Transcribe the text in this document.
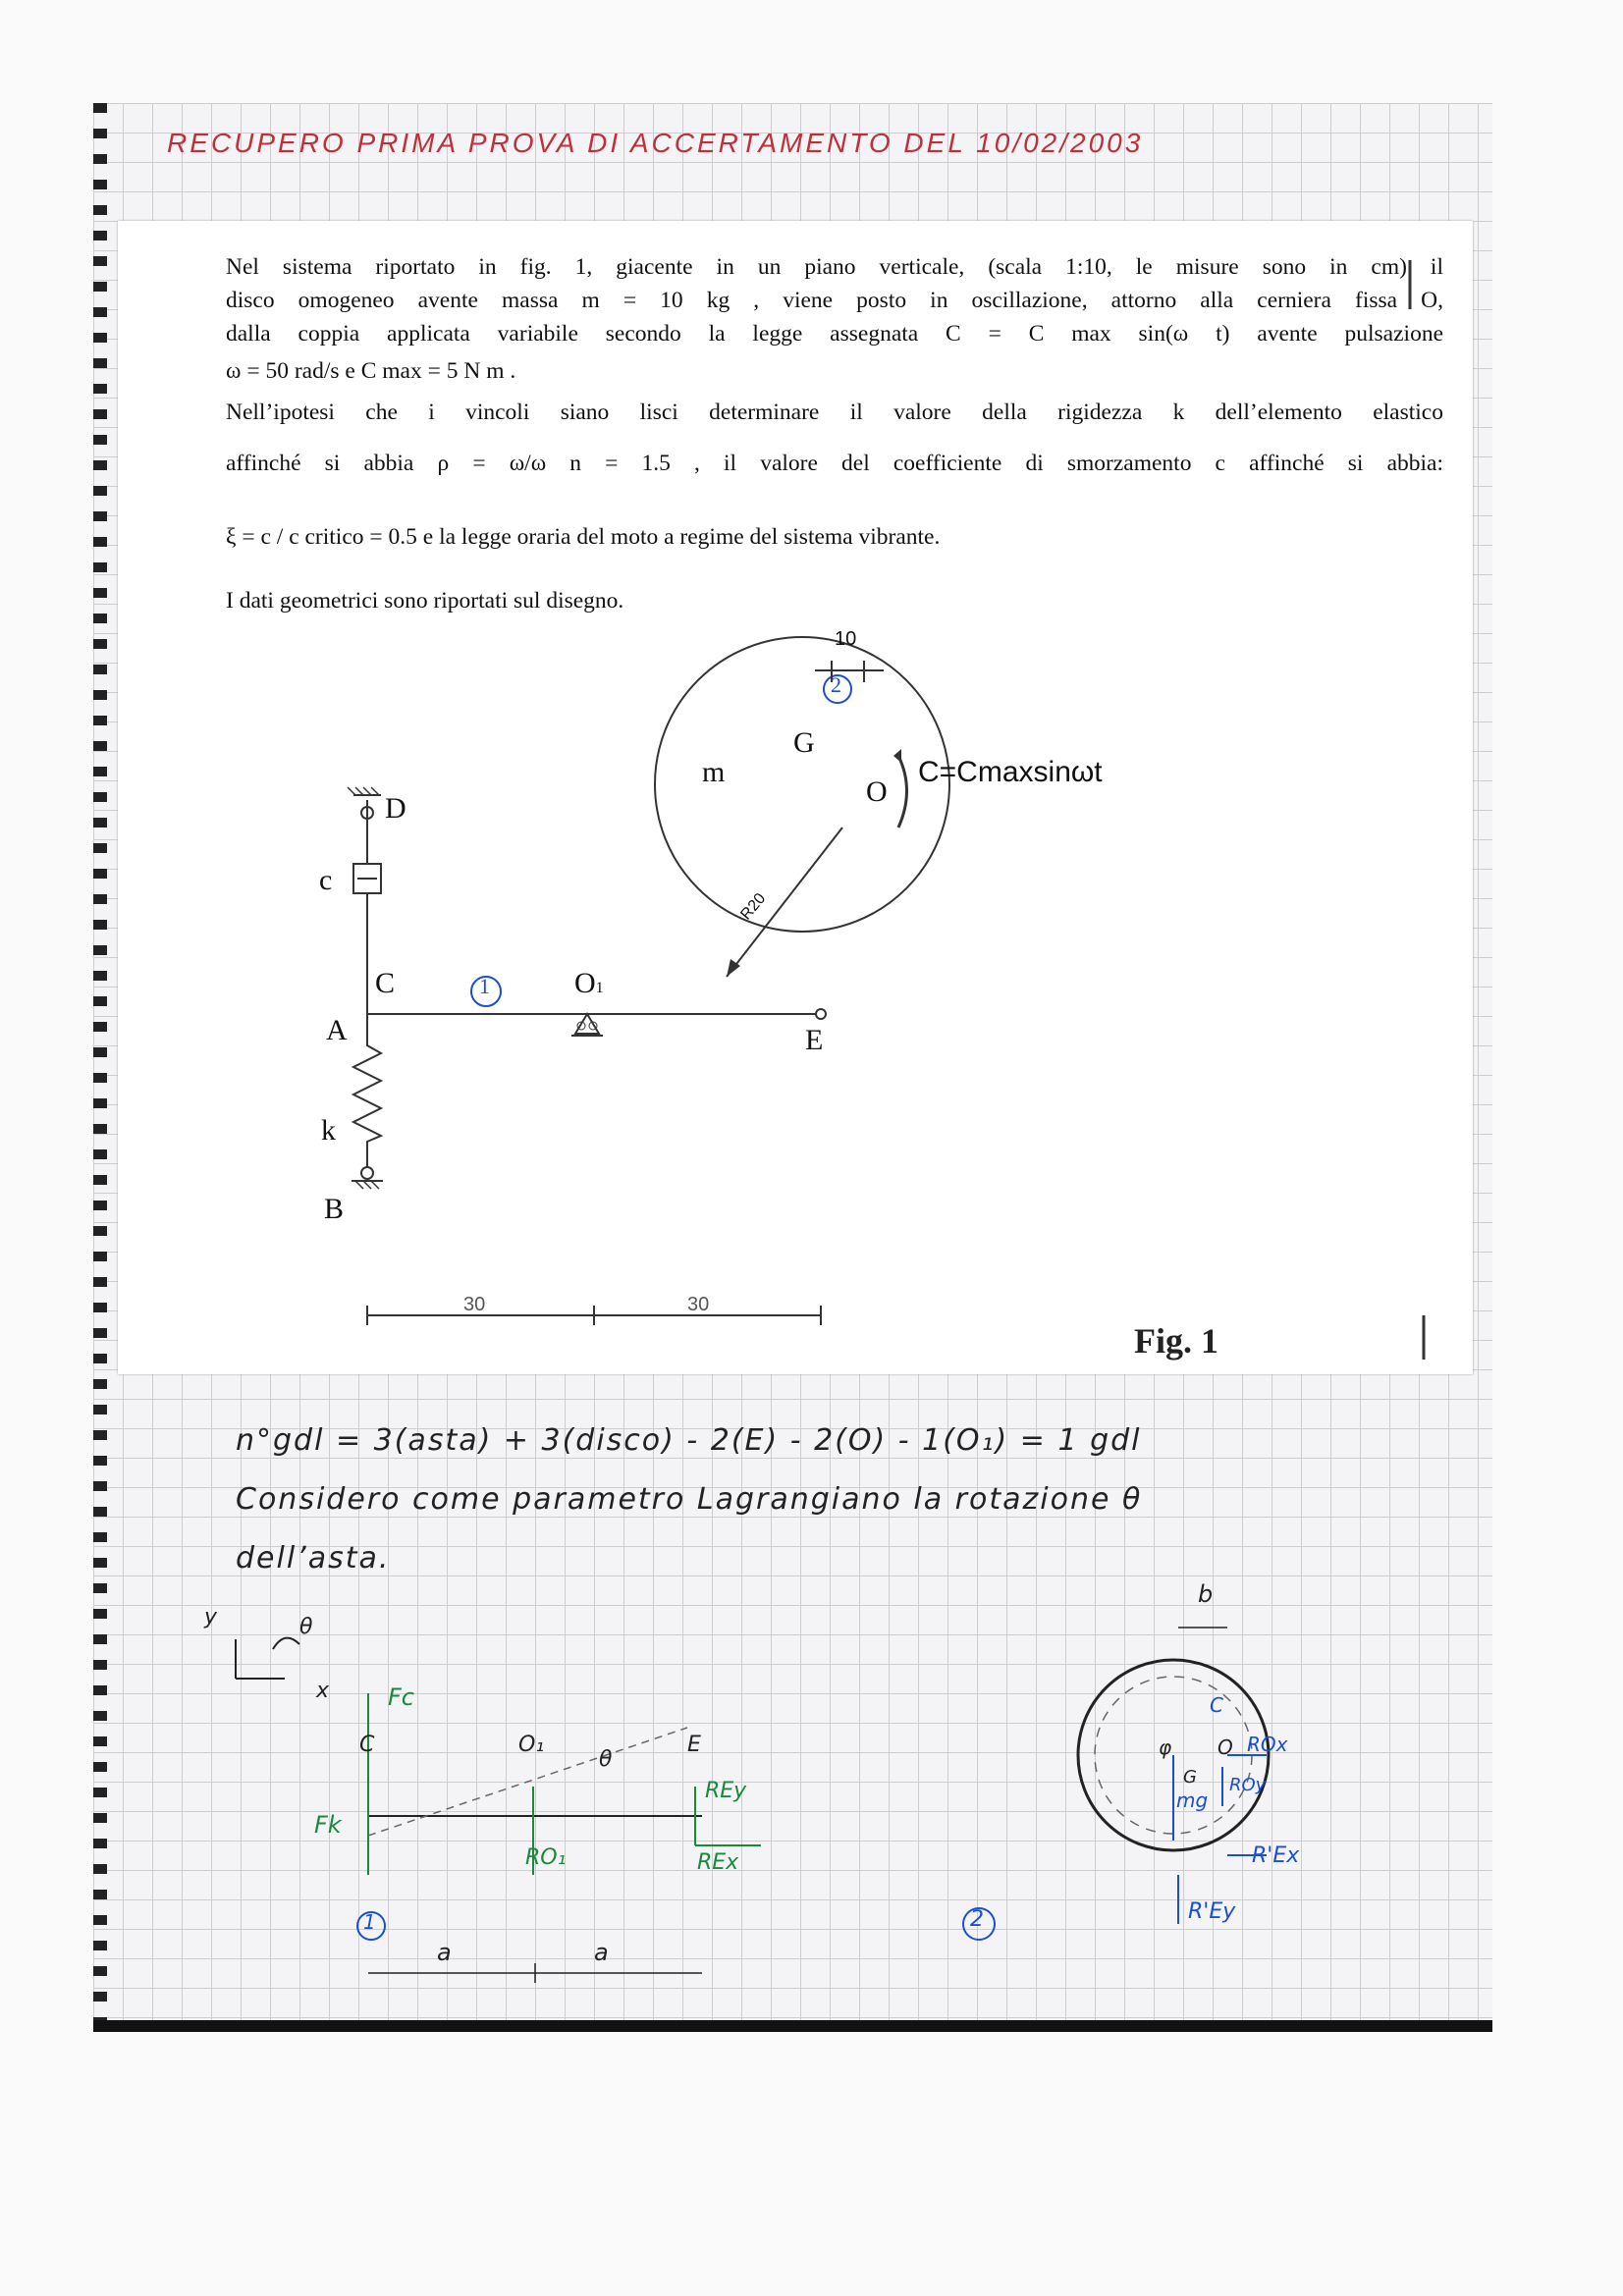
RECUPERO PRIMA PROVA DI ACCERTAMENTO DEL 10/02/2003
Nel sistema riportato in fig. 1, giacente in un piano verticale, (scala 1:10, le misure sono in cm) il
disco omogeneo avente massa m = 10 kg , viene posto in oscillazione, attorno alla cerniera fissa O,
dalla coppia applicata variabile secondo la legge assegnata C = C max sin(ω t) avente pulsazione
ω = 50 rad/s e C max = 5 N m .
Nell’ipotesi che i vincoli siano lisci determinare il valore della rigidezza k dell’elemento elastico
affinché si abbia ρ = ω/ω n = 1.5 , il valore del coefficiente di smorzamento c affinché si abbia:
ξ = c / c critico = 0.5 e la legge oraria del moto a regime del sistema vibrante.
I dati geometrici sono riportati sul disegno.
D
c
C
A
k
B
1	O1
E
2
m
G
O
R20
C=Cmaxsinωt
10
30	30
Fig. 1
n°gdl = 3(asta) + 3(disco) - 2(E) - 2(O) - 1(O₁) = 1 gdl
Considero come parametro Lagrangiano la rotazione θ
dell’asta.
y
x
θ
Fc
Fk
C	O₁
θ
E
REy
RO₁	REx
a	a
1	2
b
φ O
G
mg
C
ROx
ROy
R'Ex
R'Ey
